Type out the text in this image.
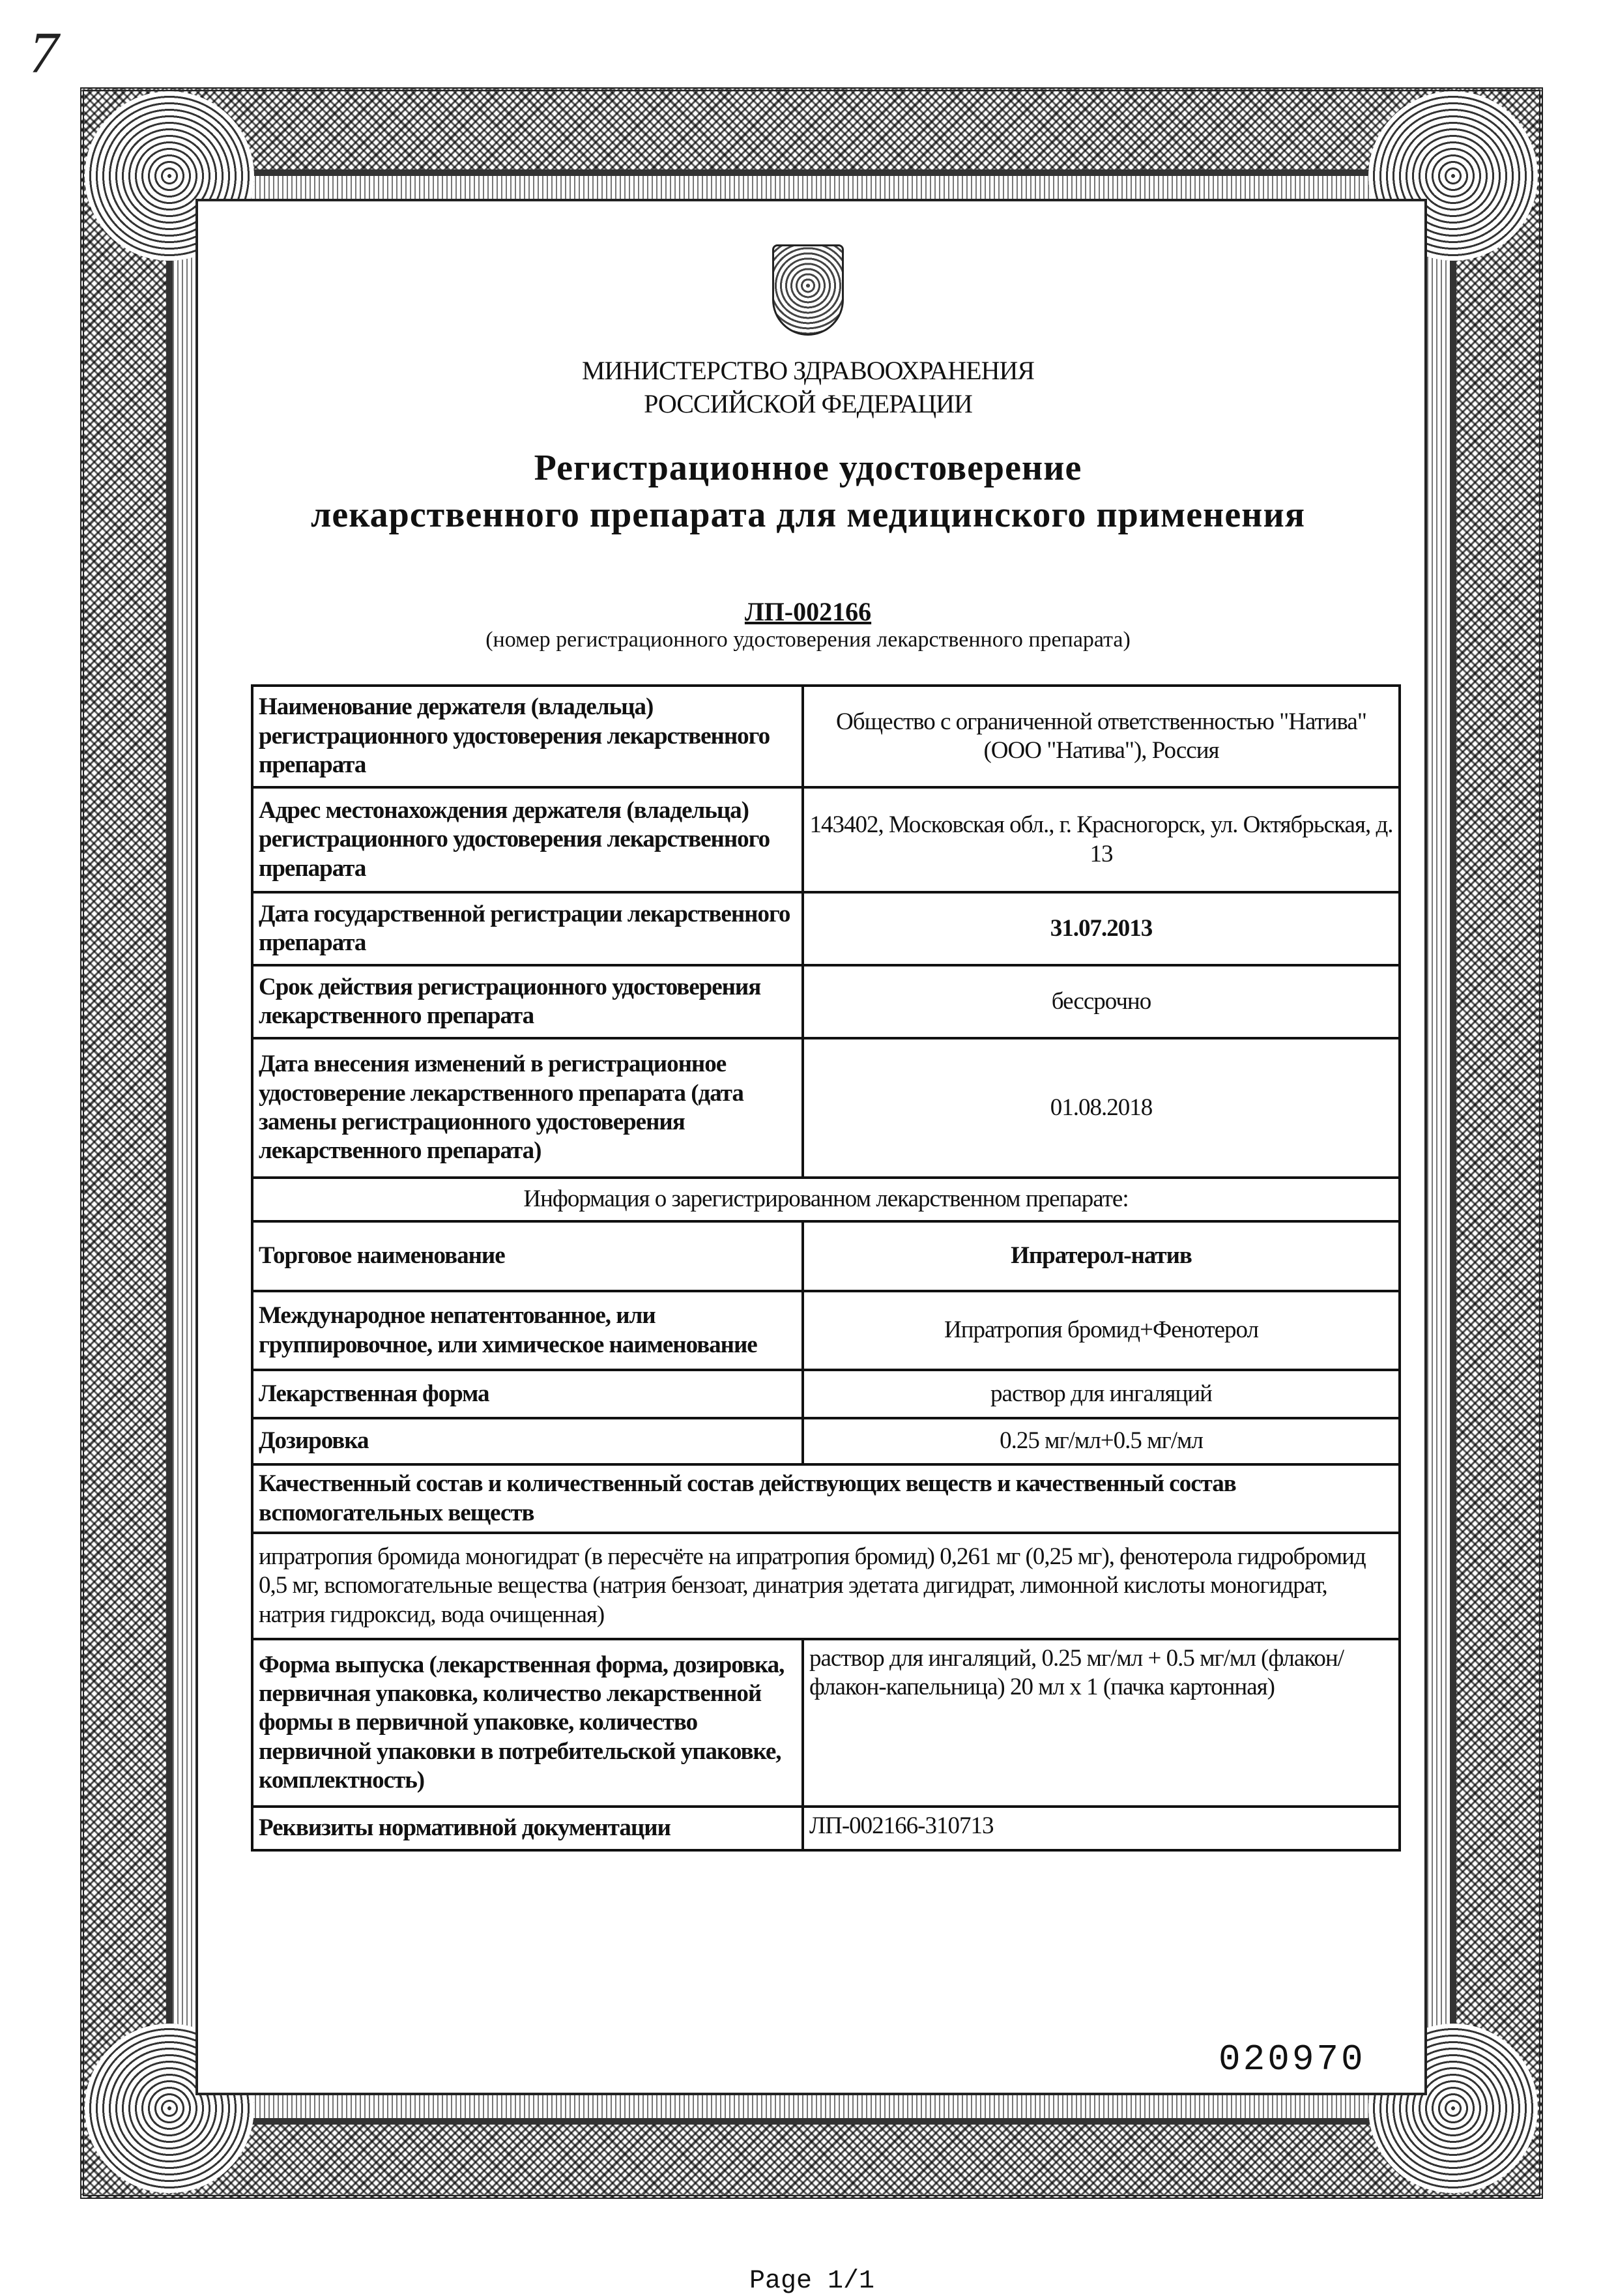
7
МИНИСТЕРСТВО ЗДРАВООХРАНЕНИЯ
РОССИЙСКОЙ ФЕДЕРАЦИИ
Регистрационное удостоверение
лекарственного препарата для медицинского применения
ЛП-002166
(номер регистрационного удостоверения лекарственного препарата)
Наименование держателя (владельца) регистрационного удостоверения лекарственного препарата	Общество с ограниченной ответственностью "Натива" (ООО "Натива"), Россия
Адрес местонахождения держателя (владельца) регистрационного удостоверения лекарственного препарата	143402, Московская обл., г. Красногорск, ул. Октябрьская, д. 13
Дата государственной регистрации лекарственного препарата	31.07.2013
Срок действия регистрационного удостоверения лекарственного препарата	бессрочно
Дата внесения изменений в регистрационное удостоверение лекарственного препарата (дата замены регистрационного удостоверения лекарственного препарата)	01.08.2018
Информация о зарегистрированном лекарственном препарате:	
Торговое наименование	Ипратерол-натив
Международное непатентованное, или группировочное, или химическое наименование	Ипратропия бромид+Фенотерол
Лекарственная форма	раствор для ингаляций
Дозировка	0.25 мг/мл+0.5 мг/мл
Качественный состав и количественный состав действующих веществ и качественный состав вспомогательных веществ	
ипратропия бромида моногидрат (в пересчёте на ипратропия бромид) 0,261 мг (0,25 мг), фенотерола гидробромид 0,5 мг, вспомогательные вещества (натрия бензоат, динатрия эдетата дигидрат, лимонной кислоты моногидрат, натрия гидроксид, вода очищенная)	
Форма выпуска (лекарственная форма, дозировка, первичная упаковка, количество лекарственной формы в первичной упаковке, количество первичной упаковки в потребительской упаковке, комплектность)	раствор для ингаляций, 0.25 мг/мл + 0.5 мг/мл (флакон/флакон-капельница) 20 мл x 1 (пачка картонная)
Реквизиты нормативной документации	ЛП-002166-310713
020970
Page 1/1
